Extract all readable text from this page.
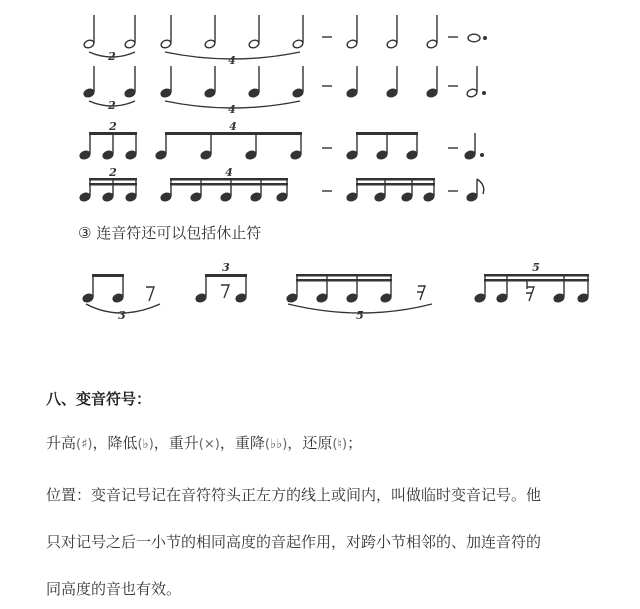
2	4
2	4
2	4
2	4
3
3
5
5
③ 连音符还可以包括休止符
八、变音符号：
升高(♯)，降低(♭)，重升(×)，重降(♭♭)，还原(♮)；
位置：变音记号记在音符符头正左方的线上或间内，叫做临时变音记号。他
只对记号之后一小节的相同高度的音起作用，对跨小节相邻的、加连音符的
同高度的音也有效。
